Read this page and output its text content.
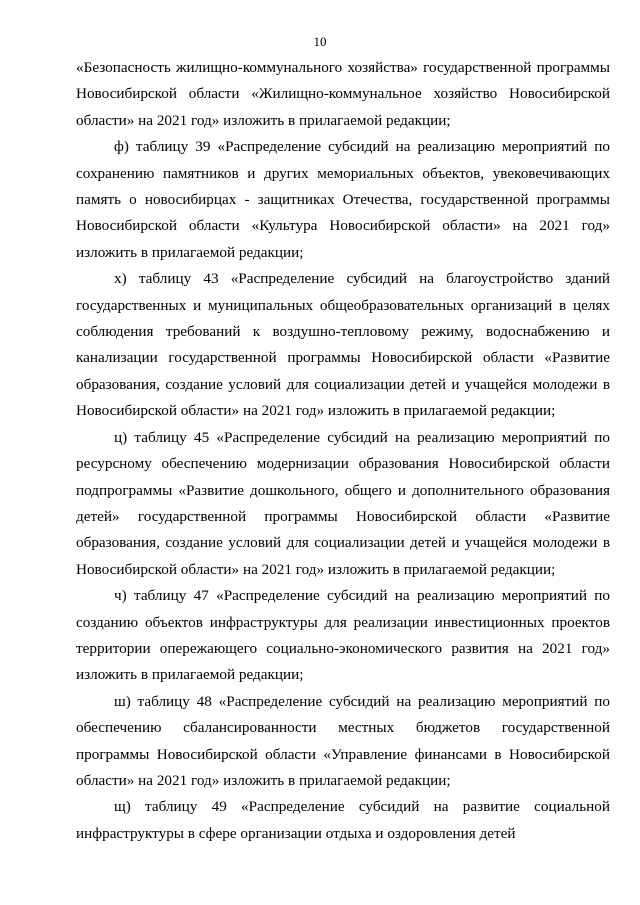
10

«Безопасность жилищно-коммунального хозяйства» государственной программы Новосибирской области «Жилищно-коммунальное хозяйство Новосибирской области» на 2021 год» изложить в прилагаемой редакции;

ф) таблицу 39 «Распределение субсидий на реализацию мероприятий по сохранению памятников и других мемориальных объектов, увековечивающих память о новосибирцах - защитниках Отечества, государственной программы Новосибирской области «Культура Новосибирской области» на 2021 год» изложить в прилагаемой редакции;

х) таблицу 43 «Распределение субсидий на благоустройство зданий государственных и муниципальных общеобразовательных организаций в целях соблюдения требований к воздушно-тепловому режиму, водоснабжению и канализации государственной программы Новосибирской области «Развитие образования, создание условий для социализации детей и учащейся молодежи в Новосибирской области» на 2021 год» изложить в прилагаемой редакции;

ц) таблицу 45 «Распределение субсидий на реализацию мероприятий по ресурсному обеспечению модернизации образования Новосибирской области подпрограммы «Развитие дошкольного, общего и дополнительного образования детей» государственной программы Новосибирской области «Развитие образования, создание условий для социализации детей и учащейся молодежи в Новосибирской области» на 2021 год» изложить в прилагаемой редакции;

ч) таблицу 47 «Распределение субсидий на реализацию мероприятий по созданию объектов инфраструктуры для реализации инвестиционных проектов территории опережающего социально-экономического развития на 2021 год» изложить в прилагаемой редакции;

ш) таблицу 48 «Распределение субсидий на реализацию мероприятий по обеспечению сбалансированности местных бюджетов государственной программы Новосибирской области «Управление финансами в Новосибирской области» на 2021 год» изложить в прилагаемой редакции;

щ) таблицу 49 «Распределение субсидий на развитие социальной инфраструктуры в сфере организации отдыха и оздоровления детей
